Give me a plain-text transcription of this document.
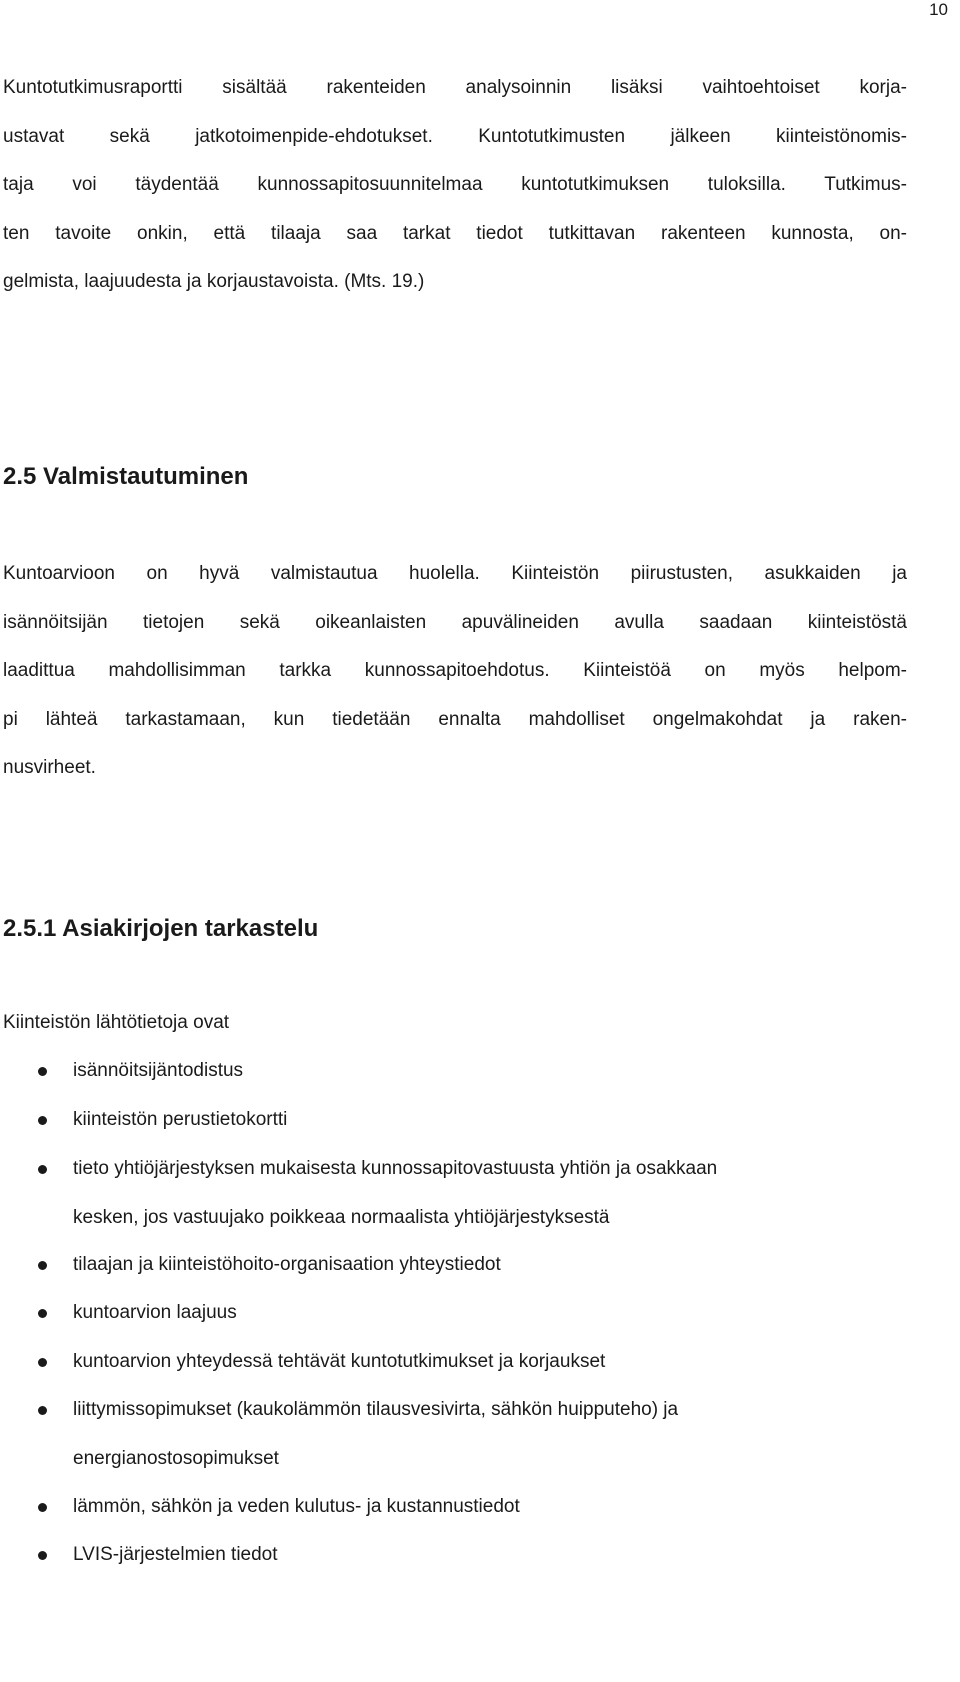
10
Kuntotutkimusraportti sisältää rakenteiden analysoinnin lisäksi vaihtoehtoiset korja-
ustavat sekä jatkotoimenpide-ehdotukset. Kuntotutkimusten jälkeen kiinteistönomis-
taja voi täydentää kunnossapitosuunnitelmaa kuntotutkimuksen tuloksilla. Tutkimus-
ten tavoite onkin, että tilaaja saa tarkat tiedot tutkittavan rakenteen kunnosta, on-
gelmista, laajuudesta ja korjaustavoista. (Mts. 19.)
2.5 Valmistautuminen
Kuntoarvioon on hyvä valmistautua huolella. Kiinteistön piirustusten, asukkaiden ja
isännöitsijän tietojen sekä oikeanlaisten apuvälineiden avulla saadaan kiinteistöstä
laadittua mahdollisimman tarkka kunnossapitoehdotus. Kiinteistöä on myös helpom-
pi lähteä tarkastamaan, kun tiedetään ennalta mahdolliset ongelmakohdat ja raken-
nusvirheet.
2.5.1 Asiakirjojen tarkastelu
Kiinteistön lähtötietoja ovat
isännöitsijäntodistus
kiinteistön perustietokortti
tieto yhtiöjärjestyksen mukaisesta kunnossapitovastuusta yhtiön ja osakkaan
kesken, jos vastuujako poikkeaa normaalista yhtiöjärjestyksestä
tilaajan ja kiinteistöhoito-organisaation yhteystiedot
kuntoarvion laajuus
kuntoarvion yhteydessä tehtävät kuntotutkimukset ja korjaukset
liittymissopimukset (kaukolämmön tilausvesivirta, sähkön huipputeho) ja
energianostosopimukset
lämmön, sähkön ja veden kulutus- ja kustannustiedot
LVIS-järjestelmien tiedot
